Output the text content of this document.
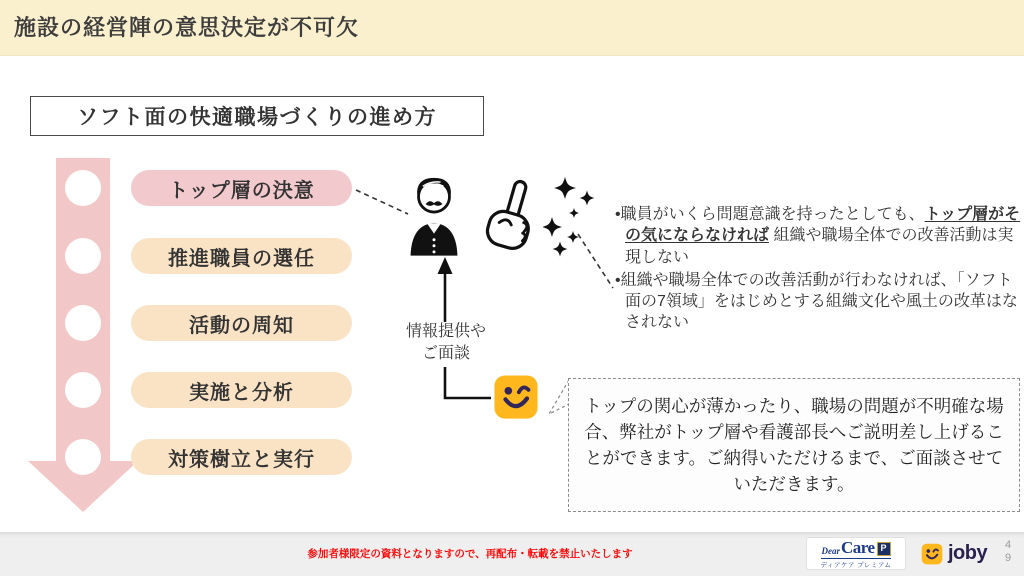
施設の経営陣の意思決定が不可欠
ソフト面の快適職場づくりの進め方
トップ層の決意
推進職員の選任
活動の周知
実施と分析
対策樹立と実行
情報提供や
ご面談
•職員がいくら問題意識を持ったとしても、トップ層がその気にならなければ 組織や職場全体での改善活動は実現しない
•組織や職場全体での改善活動が行わなければ、「ソフト面の7領域」をはじめとする組織文化や風土の改革はなされない
トップの関心が薄かったり、職場の問題が不明確な場合、弊社がトップ層や看護部長へご説明差し上げることができます。ご納得いただけるまで、ご面談させていただきます。
参加者様限定の資料となりますので、再配布・転載を禁止いたします	Dear Care P
ディアケア プレミアム
joby 4
9
